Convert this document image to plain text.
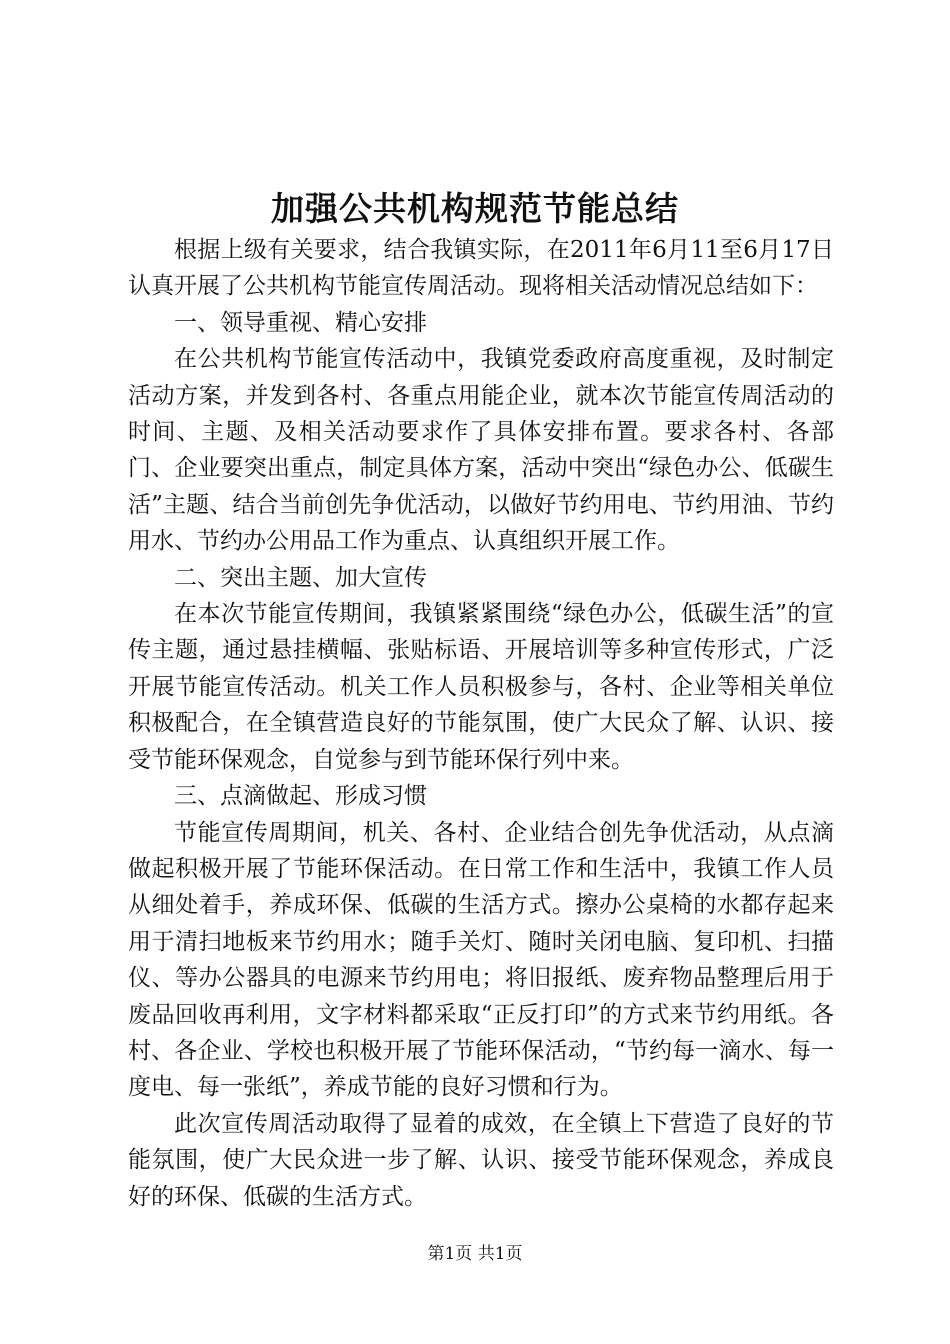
加强公共机构规范节能总结

根据上级有关要求，结合我镇实际，在2011年6月11至6月17日认真开展了公共机构节能宣传周活动。现将相关活动情况总结如下：

一、领导重视、精心安排

在公共机构节能宣传活动中，我镇党委政府高度重视，及时制定活动方案，并发到各村、各重点用能企业，就本次节能宣传周活动的时间、主题、及相关活动要求作了具体安排布置。要求各村、各部门、企业要突出重点，制定具体方案，活动中突出“绿色办公、低碳生活”主题、结合当前创先争优活动，以做好节约用电、节约用油、节约用水、节约办公用品工作为重点、认真组织开展工作。

二、突出主题、加大宣传

在本次节能宣传期间，我镇紧紧围绕“绿色办公，低碳生活”的宣传主题，通过悬挂横幅、张贴标语、开展培训等多种宣传形式，广泛开展节能宣传活动。机关工作人员积极参与，各村、企业等相关单位积极配合，在全镇营造良好的节能氛围，使广大民众了解、认识、接受节能环保观念，自觉参与到节能环保行列中来。

三、点滴做起、形成习惯

节能宣传周期间，机关、各村、企业结合创先争优活动，从点滴做起积极开展了节能环保活动。在日常工作和生活中，我镇工作人员从细处着手，养成环保、低碳的生活方式。擦办公桌椅的水都存起来用于清扫地板来节约用水；随手关灯、随时关闭电脑、复印机、扫描仪、等办公器具的电源来节约用电；将旧报纸、废弃物品整理后用于废品回收再利用，文字材料都采取“正反打印”的方式来节约用纸。各村、各企业、学校也积极开展了节能环保活动，“节约每一滴水、每一度电、每一张纸”，养成节能的良好习惯和行为。

此次宣传周活动取得了显着的成效，在全镇上下营造了良好的节能氛围，使广大民众进一步了解、认识、接受节能环保观念，养成良好的环保、低碳的生活方式。

第1页 共1页
